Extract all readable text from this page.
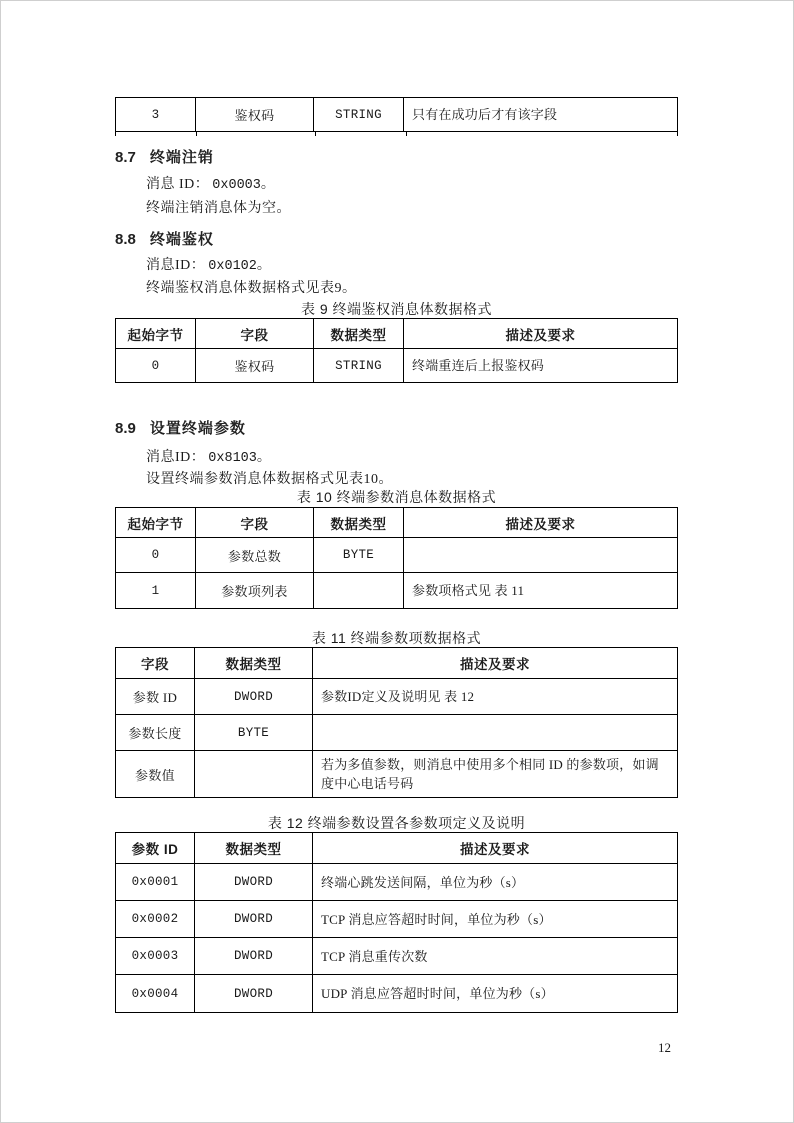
3	鉴权码	STRING	只有在成功后才有该字段
8.7 终端注销
消息 ID： 0x0003。
终端注销消息体为空。
8.8 终端鉴权
消息ID： 0x0102。
终端鉴权消息体数据格式见表9。
表 9 终端鉴权消息体数据格式
起始字节	字段	数据类型	描述及要求
0	鉴权码	STRING	终端重连后上报鉴权码
8.9 设置终端参数
消息ID： 0x8103。
设置终端参数消息体数据格式见表10。
表 10 终端参数消息体数据格式
起始字节	字段	数据类型	描述及要求
0	参数总数	BYTE	
1	参数项列表		参数项格式见 表 11
表 11 终端参数项数据格式
字段	数据类型	描述及要求
参数 ID	DWORD	参数ID定义及说明见 表 12
参数长度	BYTE	
参数值		若为多值参数，则消息中使用多个相同 ID 的参数项，如调度中心电话号码
表 12 终端参数设置各参数项定义及说明
参数 ID	数据类型	描述及要求
0x0001	DWORD	终端心跳发送间隔，单位为秒（s）
0x0002	DWORD	TCP 消息应答超时时间，单位为秒（s）
0x0003	DWORD	TCP 消息重传次数
0x0004	DWORD	UDP 消息应答超时时间，单位为秒（s）
12
